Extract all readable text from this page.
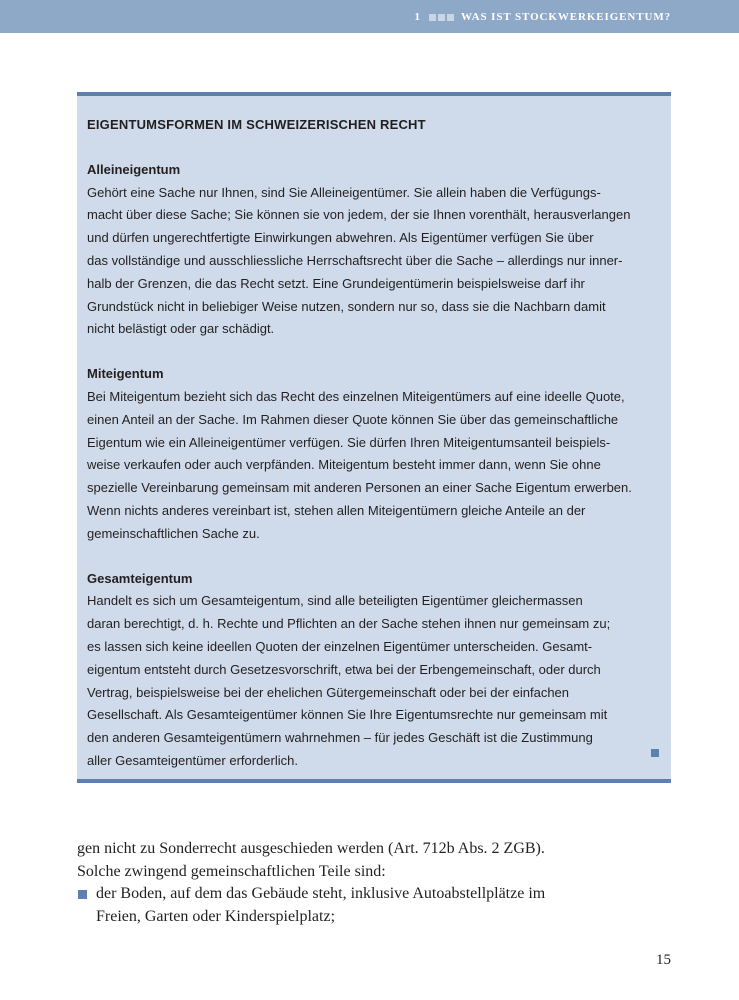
1	WAS IST STOCKWERKEIGENTUM?

EIGENTUMSFORMEN IM SCHWEIZERISCHEN RECHT

Alleineigentum

Gehört eine Sache nur Ihnen, sind Sie Alleineigentümer. Sie allein haben die Verfügungs-

macht über diese Sache; Sie können sie von jedem, der sie Ihnen vorenthält, herausverlangen

und dürfen ungerechtfertigte Einwirkungen abwehren. Als Eigentümer verfügen Sie über

das vollständige und ausschliessliche Herrschaftsrecht über die Sache – allerdings nur inner-

halb der Grenzen, die das Recht setzt. Eine Grundeigentümerin beispielsweise darf ihr

Grundstück nicht in beliebiger Weise nutzen, sondern nur so, dass sie die Nachbarn damit

nicht belästigt oder gar schädigt.

Miteigentum

Bei Miteigentum bezieht sich das Recht des einzelnen Miteigentümers auf eine ideelle Quote,

einen Anteil an der Sache. Im Rahmen dieser Quote können Sie über das gemeinschaftliche

Eigentum wie ein Alleineigentümer verfügen. Sie dürfen Ihren Miteigentumsanteil beispiels-

weise verkaufen oder auch verpfänden. Miteigentum besteht immer dann, wenn Sie ohne

spezielle Vereinbarung gemeinsam mit anderen Personen an einer Sache Eigentum erwerben.

Wenn nichts anderes vereinbart ist, stehen allen Miteigentümern gleiche Anteile an der

gemeinschaftlichen Sache zu.

Gesamteigentum

Handelt es sich um Gesamteigentum, sind alle beteiligten Eigentümer gleichermassen

daran berechtigt, d. h. Rechte und Pflichten an der Sache stehen ihnen nur gemeinsam zu;

es lassen sich keine ideellen Quoten der einzelnen Eigentümer unterscheiden. Gesamt-

eigentum entsteht durch Gesetzesvorschrift, etwa bei der Erbengemeinschaft, oder durch

Vertrag, beispielsweise bei der ehelichen Gütergemeinschaft oder bei der einfachen

Gesellschaft. Als Gesamteigentümer können Sie Ihre Eigentumsrechte nur gemeinsam mit

den anderen Gesamteigentümern wahrnehmen – für jedes Geschäft ist die Zustimmung

aller Gesamteigentümer erforderlich.

gen nicht zu Sonderrecht ausgeschieden werden (Art. 712b Abs. 2 ZGB).

Solche zwingend gemeinschaftlichen Teile sind:

der Boden, auf dem das Gebäude steht, inklusive Autoabstellplätze im

Freien, Garten oder Kinderspielplatz;

15
